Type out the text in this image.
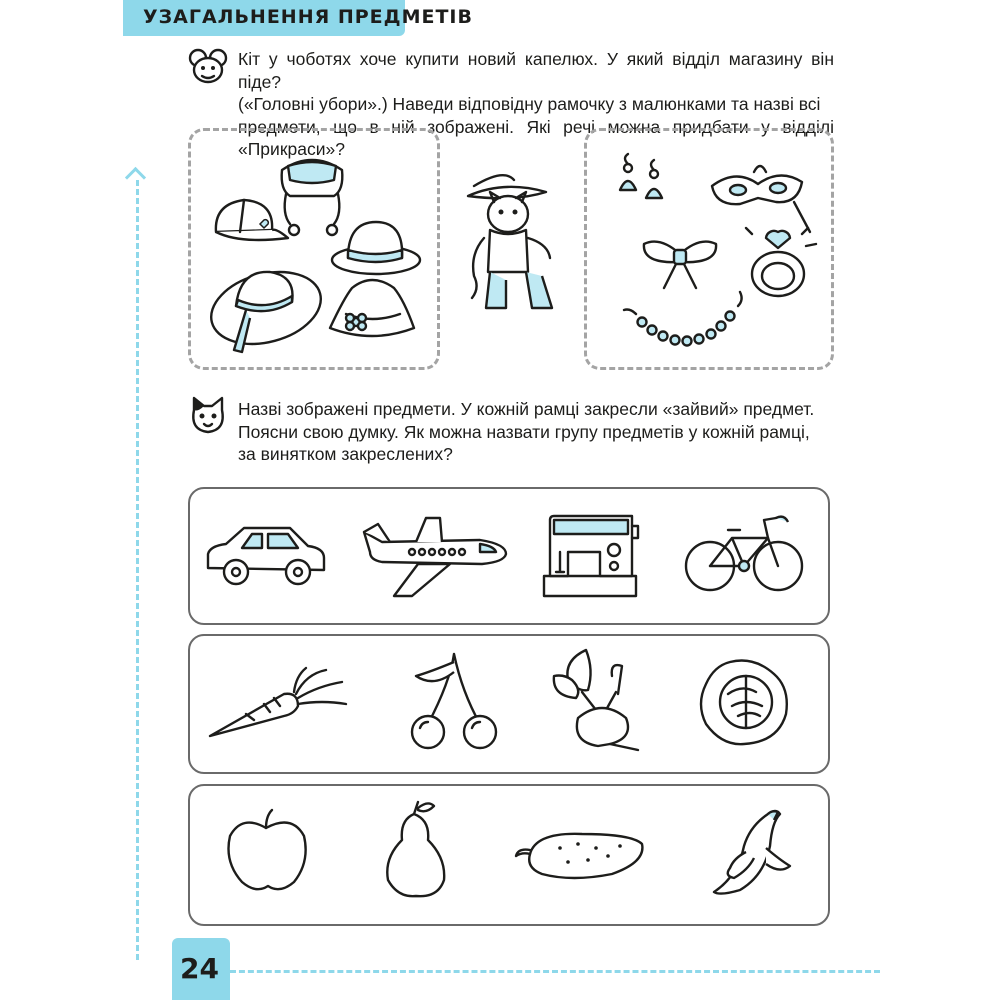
УЗАГАЛЬНЕННЯ ПРЕДМЕТІВ

Кіт у чоботях хоче купити новий капелюх. У який відділ магазину він піде?

(«Головні убори».) Наведи відповідну рамочку з малюнками та назві всі

предмети, що в ній зображені. Які речі можна придбати у відділі «Прикраси»?

Назві зображені предмети. У кожній рамці закресли «зайвий» предмет.

Поясни свою думку. Як можна назвати групу предметів у кожній рамці,

за винятком закреслених?

24
